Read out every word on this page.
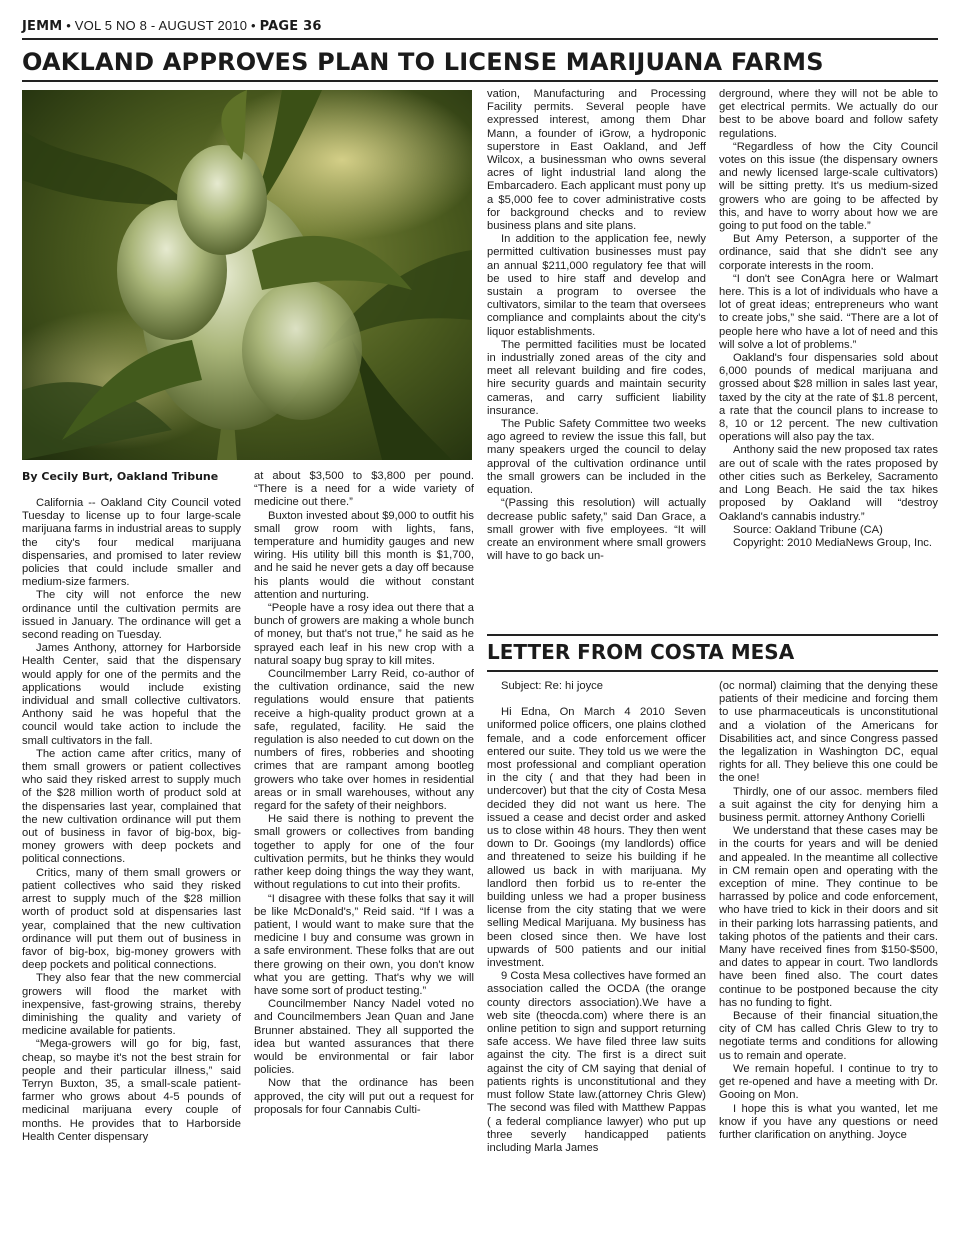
JEMM • VOL 5 NO 8 - AUGUST 2010 • PAGE 36
OAKLAND APPROVES PLAN TO LICENSE MARIJUANA FARMS
By Cecily Burt, Oakland Tribune

California -- Oakland City Council voted Tuesday to license up to four large-scale marijuana farms in industrial areas to supply the city's four medical marijuana dispensaries, and promised to later review policies that could include smaller and medium-size farmers.

The city will not enforce the new ordinance until the cultivation permits are issued in January. The ordinance will get a second reading on Tuesday.

James Anthony, attorney for Harborside Health Center, said that the dispensary would apply for one of the permits and the applications would include existing individual and small collective cultivators. Anthony said he was hopeful that the council would take action to include the small cultivators in the fall.

The action came after critics, many of them small growers or patient collectives who said they risked arrest to supply much of the $28 million worth of product sold at the dispensaries last year, complained that the new cultivation ordinance will put them out of business in favor of big-box, big-money growers with deep pockets and political connections.

Critics, many of them small growers or patient collectives who said they risked arrest to supply much of the $28 million worth of product sold at dispensaries last year, complained that the new cultivation ordinance will put them out of business in favor of big-box, big-money growers with deep pockets and political connections.

They also fear that the new commercial growers will flood the market with inexpensive, fast-growing strains, thereby diminishing the quality and variety of medicine available for patients.

“Mega-growers will go for big, fast, cheap, so maybe it's not the best strain for people and their particular illness,” said Terryn Buxton, 35, a small-scale patient-farmer who grows about 4-5 pounds of medicinal marijuana every couple of months. He provides that to Harborside Health Center dispensary

at about $3,500 to $3,800 per pound. “There is a need for a wide variety of medicine out there.”

Buxton invested about $9,000 to outfit his small grow room with lights, fans, temperature and humidity gauges and new wiring. His utility bill this month is $1,700, and he said he never gets a day off because his plants would die without constant attention and nurturing.

“People have a rosy idea out there that a bunch of growers are making a whole bunch of money, but that's not true,” he said as he sprayed each leaf in his new crop with a natural soapy bug spray to kill mites.

Councilmember Larry Reid, co-author of the cultivation ordinance, said the new regulations would ensure that patients receive a high-quality product grown at a safe, regulated, facility. He said the regulation is also needed to cut down on the numbers of fires, robberies and shooting crimes that are rampant among bootleg growers who take over homes in residential areas or in small warehouses, without any regard for the safety of their neighbors.

He said there is nothing to prevent the small growers or collectives from banding together to apply for one of the four cultivation permits, but he thinks they would rather keep doing things the way they want, without regulations to cut into their profits.

“I disagree with these folks that say it will be like McDonald's,” Reid said. “If I was a patient, I would want to make sure that the medicine I buy and consume was grown in a safe environment. These folks that are out there growing on their own, you don't know what you are getting. That's why we will have some sort of product testing.”

Councilmember Nancy Nadel voted no and Councilmembers Jean Quan and Jane Brunner abstained. They all supported the idea but wanted assurances that there would be environmental or fair labor policies.

Now that the ordinance has been approved, the city will put out a request for proposals for four Cannabis Culti-

vation, Manufacturing and Processing Facility permits. Several people have expressed interest, among them Dhar Mann, a founder of iGrow, a hydroponic superstore in East Oakland, and Jeff Wilcox, a businessman who owns several acres of light industrial land along the Embarcadero. Each applicant must pony up a $5,000 fee to cover administrative costs for background checks and to review business plans and site plans.

In addition to the application fee, newly permitted cultivation businesses must pay an annual $211,000 regulatory fee that will be used to hire staff and develop and sustain a program to oversee the cultivators, similar to the team that oversees compliance and complaints about the city's liquor establishments.

The permitted facilities must be located in industrially zoned areas of the city and meet all relevant building and fire codes, hire security guards and maintain security cameras, and carry sufficient liability insurance.

The Public Safety Committee two weeks ago agreed to review the issue this fall, but many speakers urged the council to delay approval of the cultivation ordinance until the small growers can be included in the equation.

“(Passing this resolution) will actually decrease public safety,” said Dan Grace, a small grower with five employees. “It will create an environment where small growers will have to go back un-

derground, where they will not be able to get electrical permits. We actually do our best to be above board and follow safety regulations.

“Regardless of how the City Council votes on this issue (the dispensary owners and newly licensed large-scale cultivators) will be sitting pretty. It's us medium-sized growers who are going to be affected by this, and have to worry about how we are going to put food on the table.”

But Amy Peterson, a supporter of the ordinance, said that she didn't see any corporate interests in the room.

“I don't see ConAgra here or Walmart here. This is a lot of individuals who have a lot of great ideas; entrepreneurs who want to create jobs,” she said. “There are a lot of people here who have a lot of need and this will solve a lot of problems.”

Oakland's four dispensaries sold about 6,000 pounds of medical marijuana and grossed about $28 million in sales last year, taxed by the city at the rate of $1.8 percent, a rate that the council plans to increase to 8, 10 or 12 percent. The new cultivation operations will also pay the tax.

Anthony said the new proposed tax rates are out of scale with the rates proposed by other cities such as Berkeley, Sacramento and Long Beach. He said the tax hikes proposed by Oakland will “destroy Oakland's cannabis industry.”

Source: Oakland Tribune (CA)

Copyright: 2010 MediaNews Group, Inc.

LETTER FROM COSTA MESA

Subject: Re: hi joyce

Hi Edna, On March 4 2010 Seven uniformed police officers, one plains clothed female, and a code enforcement officer entered our suite. They told us we were the most professional and compliant operation in the city ( and that they had been in undercover) but that the city of Costa Mesa decided they did not want us here. The issued a cease and decist order and asked us to close within 48 hours. They then went down to Dr. Gooings (my landlords) office and threatened to seize his building if he allowed us back in with marijuana. My landlord then forbid us to re-enter the building unless we had a proper business license from the city stating that we were selling Medical Marijuana. My business has been closed since then. We have lost upwards of 500 patients and our initial investment.

9 Costa Mesa collectives have formed an association called the OCDA (the orange county directors association).We have a web site (theocda.com) where there is an online petition to sign and support returning safe access. We have filed three law suits against the city. The first is a direct suit against the city of CM saying that denial of patients rights is unconstitutional and they must follow State law.(attorney Chris Glew) The second was filed with Matthew Pappas ( a federal compliance lawyer) who put up three severly handicapped patients including Marla James

(oc normal) claiming that the denying these patients of their medicine and forcing them to use pharmaceuticals is unconstitutional and a violation of the Americans for Disabilities act, and since Congress passed the legalization in Washington DC, equal rights for all. They believe this one could be the one!

Thirdly, one of our assoc. members filed a suit against the city for denying him a business permit. attorney Anthony Corielli

We understand that these cases may be in the courts for years and will be denied and appealed. In the meantime all collective in CM remain open and operating with the exception of mine. They continue to be harrassed by police and code enforcement, who have tried to kick in their doors and sit in their parking lots harrassing patients, and taking photos of the patients and their cars. Many have received fines from $150-$500, and dates to appear in court. Two landlords have been fined also. The court dates continue to be postponed because the city has no funding to fight.

Because of their financial situation,the city of CM has called Chris Glew to try to negotiate terms and conditions for allowing us to remain and operate.

We remain hopeful. I continue to try to get re-opened and have a meeting with Dr. Gooing on Mon.

I hope this is what you wanted, let me know if you have any questions or need further clarification on anything. Joyce
